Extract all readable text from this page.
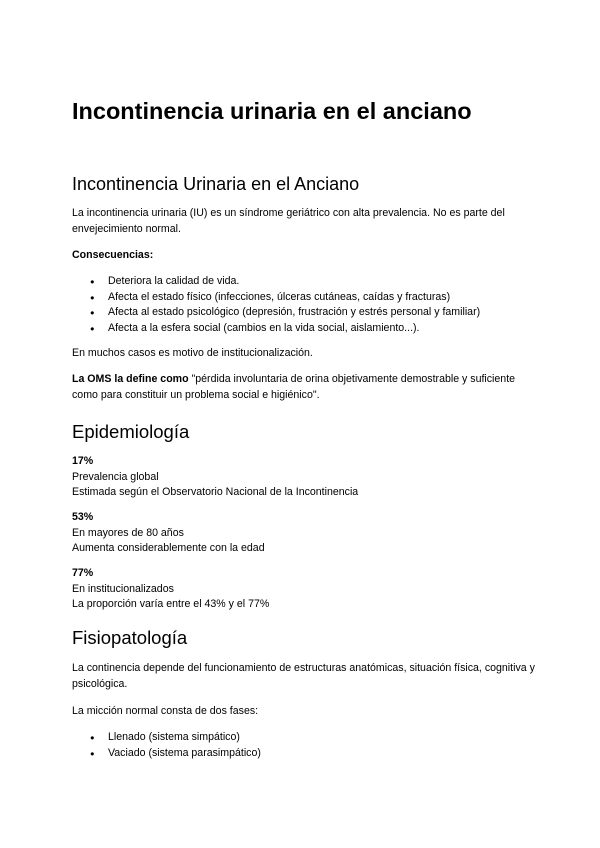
Incontinencia urinaria en el anciano
Incontinencia Urinaria en el Anciano
La incontinencia urinaria (IU) es un síndrome geriátrico con alta prevalencia. No es parte del envejecimiento normal.
Consecuencias:
● Deteriora la calidad de vida.
● Afecta el estado físico (infecciones, úlceras cutáneas, caídas y fracturas)
● Afecta al estado psicológico (depresión, frustración y estrés personal y familiar)
● Afecta a la esfera social (cambios en la vida social, aislamiento...).
En muchos casos es motivo de institucionalización.
La OMS la define como "pérdida involuntaria de orina objetivamente demostrable y suficiente como para constituir un problema social e higiénico".
Epidemiología
17%
Prevalencia global
Estimada según el Observatorio Nacional de la Incontinencia
53%
En mayores de 80 años
Aumenta considerablemente con la edad
77%
En institucionalizados
La proporción varía entre el 43% y el 77%
Fisiopatología
La continencia depende del funcionamiento de estructuras anatómicas, situación física, cognitiva y psicológica.
La micción normal consta de dos fases:
● Llenado (sistema simpático)
● Vaciado (sistema parasimpático)
